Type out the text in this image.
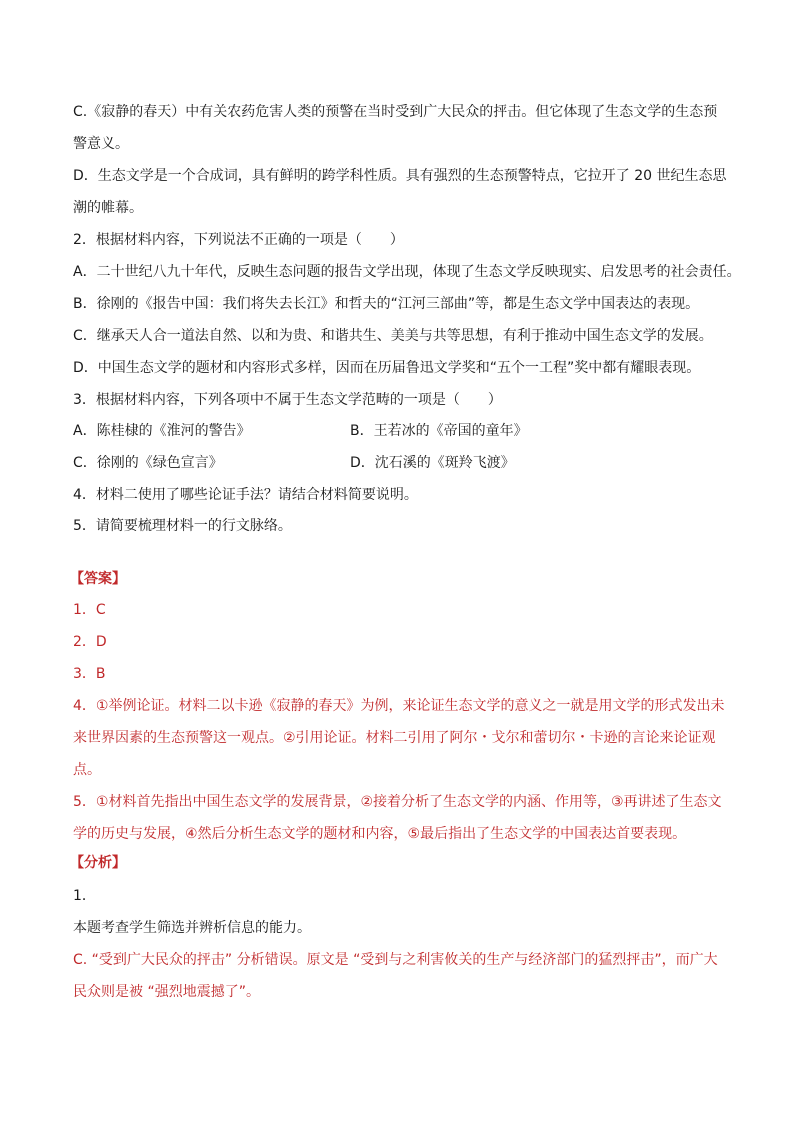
C.《寂静的春天）中有关农药危害人类的预警在当时受到广大民众的抨击。但它体现了生态文学的生态预
警意义。
D．生态文学是一个合成词，具有鲜明的跨学科性质。具有强烈的生态预警特点，它拉开了 20 世纪生态思
潮的帷幕。
2．根据材料内容，下列说法不正确的一项是（　　）
A．二十世纪八九十年代，反映生态问题的报告文学出现，体现了生态文学反映现实、启发思考的社会责任。
B．徐刚的《报告中国：我们将失去长江》和哲夫的“江河三部曲”等，都是生态文学中国表达的表现。
C．继承天人合一道法自然、以和为贵、和谐共生、美美与共等思想，有利于推动中国生态文学的发展。
D．中国生态文学的题材和内容形式多样，因而在历届鲁迅文学奖和“五个一工程”奖中都有耀眼表现。
3．根据材料内容，下列各项中不属于生态文学范畴的一项是（　　）
A．陈桂棣的《淮河的警告》	B．王若冰的《帝国的童年》
C．徐刚的《绿色宣言》	D．沈石溪的《斑羚飞渡》
4．材料二使用了哪些论证手法？请结合材料简要说明。
5．请简要梳理材料一的行文脉络。
【答案】
1．C
2．D
3．B
4．①举例论证。材料二以卡逊《寂静的春天》为例，来论证生态文学的意义之一就是用文学的形式发出未
来世界因素的生态预警这一观点。②引用论证。材料二引用了阿尔・戈尔和蕾切尔・卡逊的言论来论证观
点。
5．①材料首先指出中国生态文学的发展背景，②接着分析了生态文学的内涵、作用等，③再讲述了生态文
学的历史与发展，④然后分析生态文学的题材和内容，⑤最后指出了生态文学的中国表达首要表现。
【分析】
1．
本题考查学生筛选并辨析信息的能力。
C. “受到广大民众的抨击” 分析错误。原文是 “受到与之利害攸关的生产与经济部门的猛烈抨击”，而广大
民众则是被 “强烈地震撼了”。
